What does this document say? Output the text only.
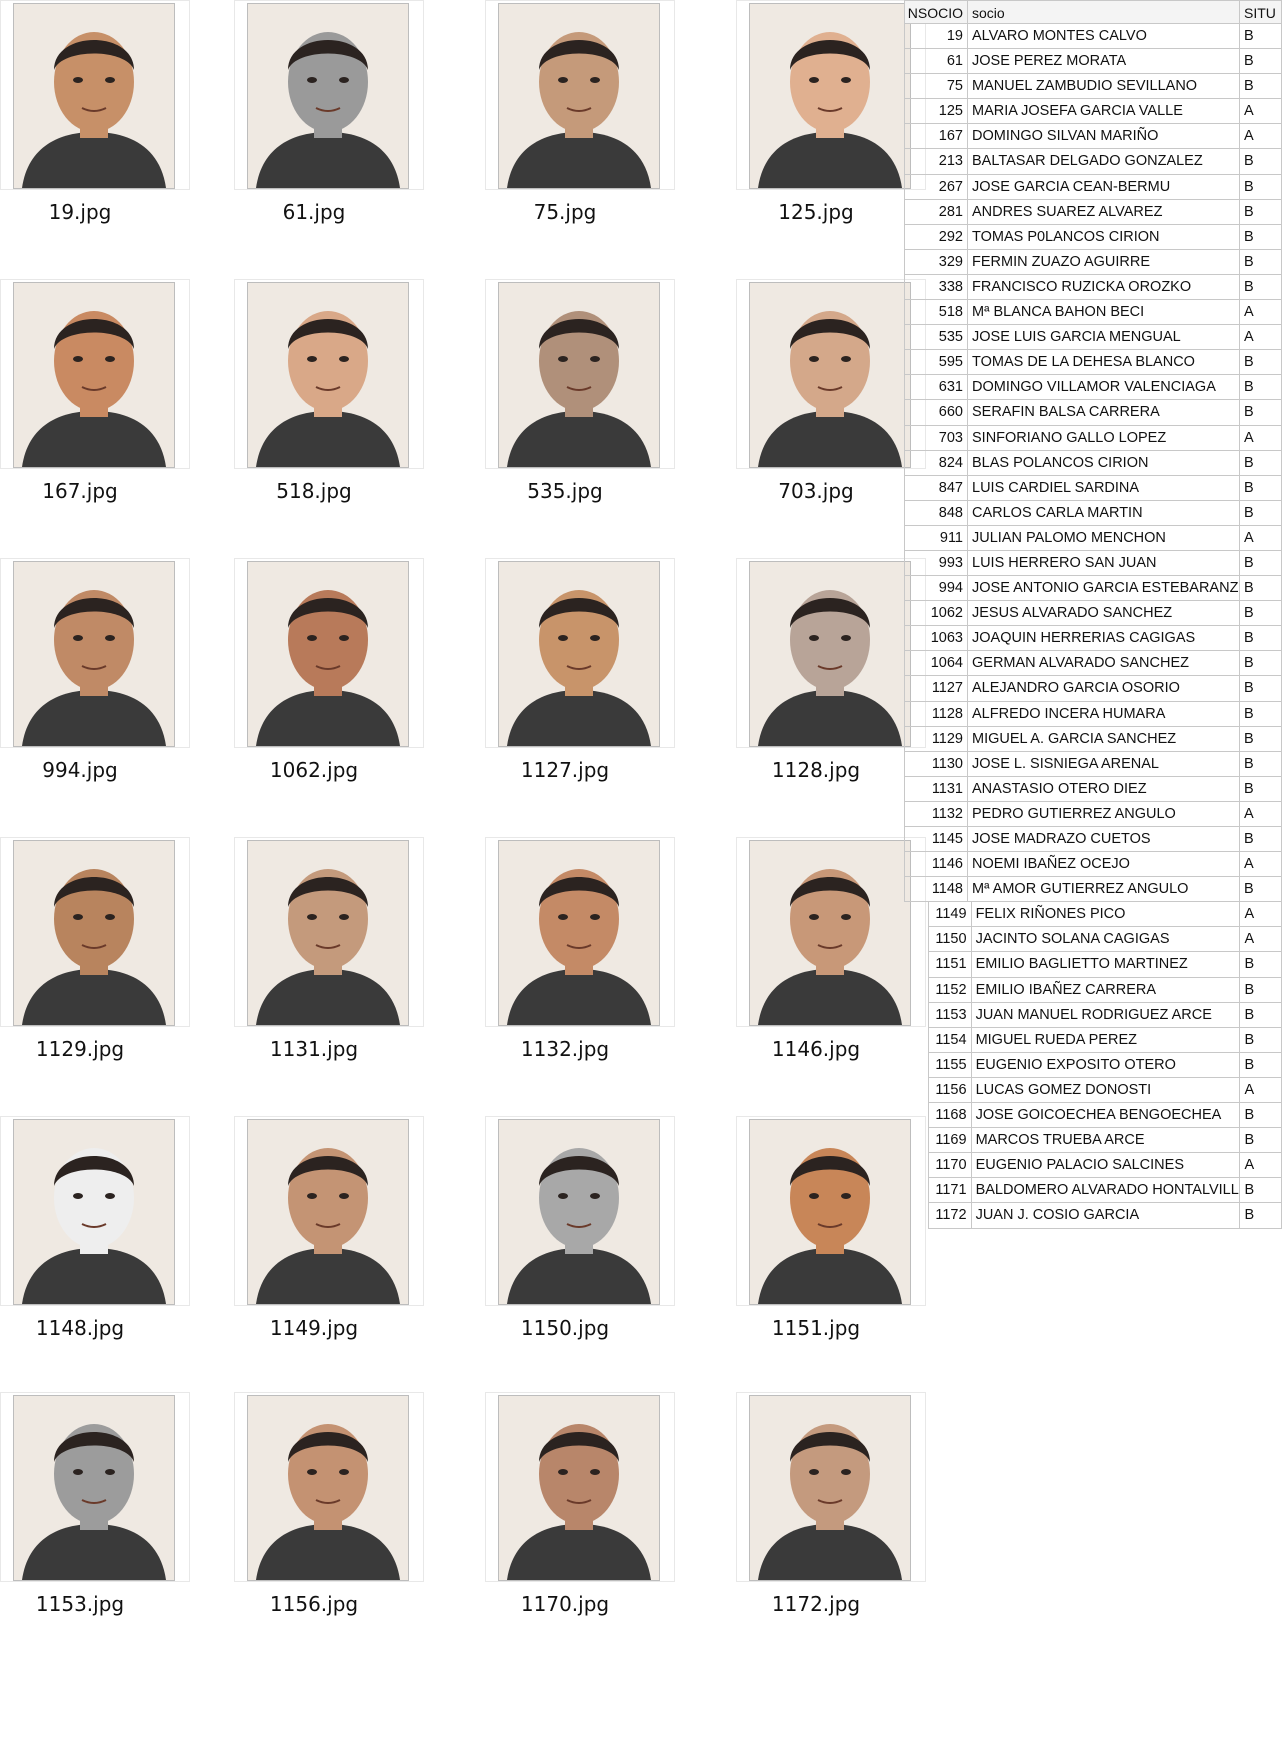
19.jpg	61.jpg	75.jpg	125.jpg
167.jpg	518.jpg	535.jpg	703.jpg
994.jpg	1062.jpg	1127.jpg	1128.jpg
1129.jpg	1131.jpg	1132.jpg	1146.jpg
1148.jpg	1149.jpg	1150.jpg	1151.jpg
1153.jpg	1156.jpg	1170.jpg	1172.jpg
NSOCIO socio	SITU
19 ALVARO MONTES CALVO	B
61 JOSE PEREZ MORATA	B
75 MANUEL ZAMBUDIO SEVILLANO	B
125 MARIA JOSEFA GARCIA VALLE	A
167 DOMINGO SILVAN MARIÑO	A
213 BALTASAR DELGADO GONZALEZ	B
267 JOSE GARCIA CEAN-BERMU	B
281 ANDRES SUAREZ ALVAREZ	B
292 TOMAS P0LANCOS CIRION	B
329 FERMIN ZUAZO AGUIRRE	B
338 FRANCISCO RUZICKA OROZKO	B
518 Mª BLANCA BAHON BECI	A
535 JOSE LUIS GARCIA MENGUAL	A
595 TOMAS DE LA DEHESA BLANCO	B
631 DOMINGO VILLAMOR VALENCIAGA	B
660 SERAFIN BALSA CARRERA	B
703 SINFORIANO GALLO LOPEZ	A
824 BLAS POLANCOS CIRION	B
847 LUIS CARDIEL SARDINA	B
848 CARLOS CARLA MARTIN	B
911 JULIAN PALOMO MENCHON	A
993 LUIS HERRERO SAN JUAN	B
994 JOSE ANTONIO GARCIA ESTEBARANZ B
1062 JESUS ALVARADO SANCHEZ	B
1063 JOAQUIN HERRERIAS CAGIGAS	B
1064 GERMAN ALVARADO SANCHEZ	B
1127 ALEJANDRO GARCIA OSORIO	B
1128 ALFREDO INCERA HUMARA	B
1129 MIGUEL A. GARCIA SANCHEZ	B
1130 JOSE L. SISNIEGA ARENAL	B
1131 ANASTASIO OTERO DIEZ	B
1132 PEDRO GUTIERREZ ANGULO	A
1145 JOSE MADRAZO CUETOS	B
1146 NOEMI IBAÑEZ OCEJO	A
1148 Mª AMOR GUTIERREZ ANGULO	B
1149 FELIX RIÑONES PICO	A
1150 JACINTO SOLANA CAGIGAS	A
1151 EMILIO BAGLIETTO MARTINEZ	B
1152 EMILIO IBAÑEZ CARRERA	B
1153 JUAN MANUEL RODRIGUEZ ARCE	B
1154 MIGUEL RUEDA PEREZ	B
1155 EUGENIO EXPOSITO OTERO	B
1156 LUCAS GOMEZ DONOSTI	A
1168 JOSE GOICOECHEA BENGOECHEA	B
1169 MARCOS TRUEBA ARCE	B
1170 EUGENIO PALACIO SALCINES	A
1171 BALDOMERO ALVARADO HONTALVILL B
1172 JUAN J. COSIO GARCIA	B
